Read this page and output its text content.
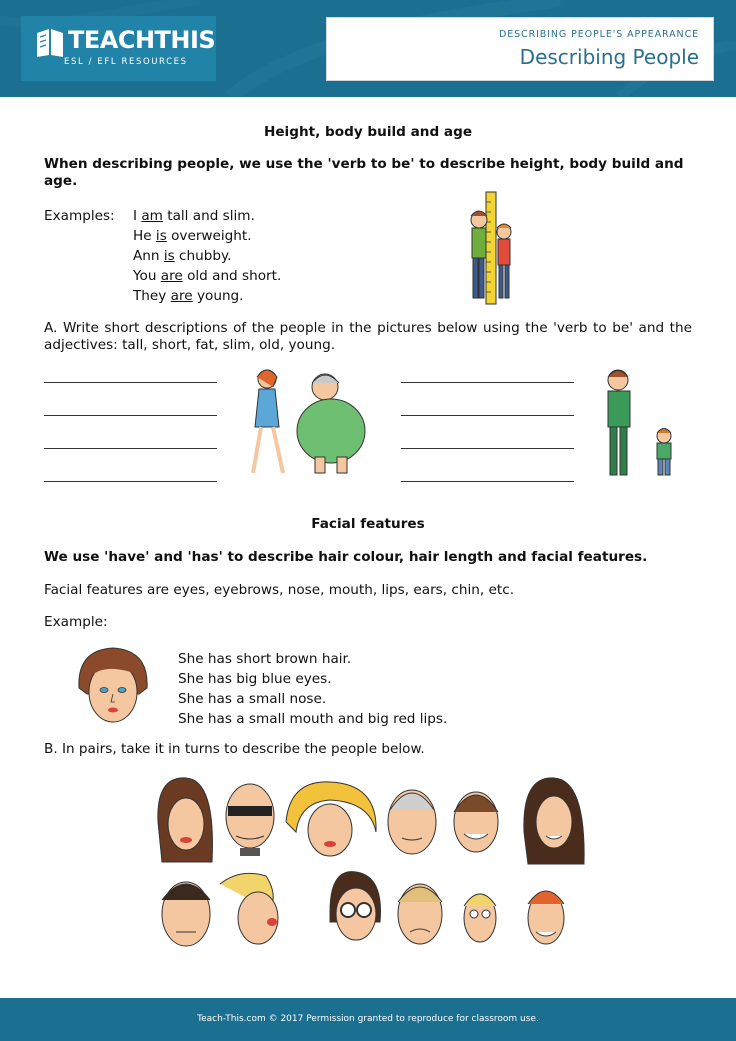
TEACHTHIS
ESL / EFL RESOURCES
DESCRIBING PEOPLE'S APPEARANCE
Describing People
Height, body build and age
When describing people, we use the 'verb to be' to describe height, body build and
age.
Examples: I am tall and slim.
He is overweight.
Ann is chubby.
You are old and short.
They are young.
A. Write short descriptions of the people in the pictures below using the 'verb to be' and the adjectives: tall, short, fat, slim, old, young.
Facial features
We use 'have' and 'has' to describe hair colour, hair length and facial features.
Facial features are eyes, eyebrows, nose, mouth, lips, ears, chin, etc.
Example:
She has short brown hair.
She has big blue eyes.
She has a small nose.
She has a small mouth and big red lips.
B. In pairs, take it in turns to describe the people below.
Teach-This.com © 2017 Permission granted to reproduce for classroom use.
